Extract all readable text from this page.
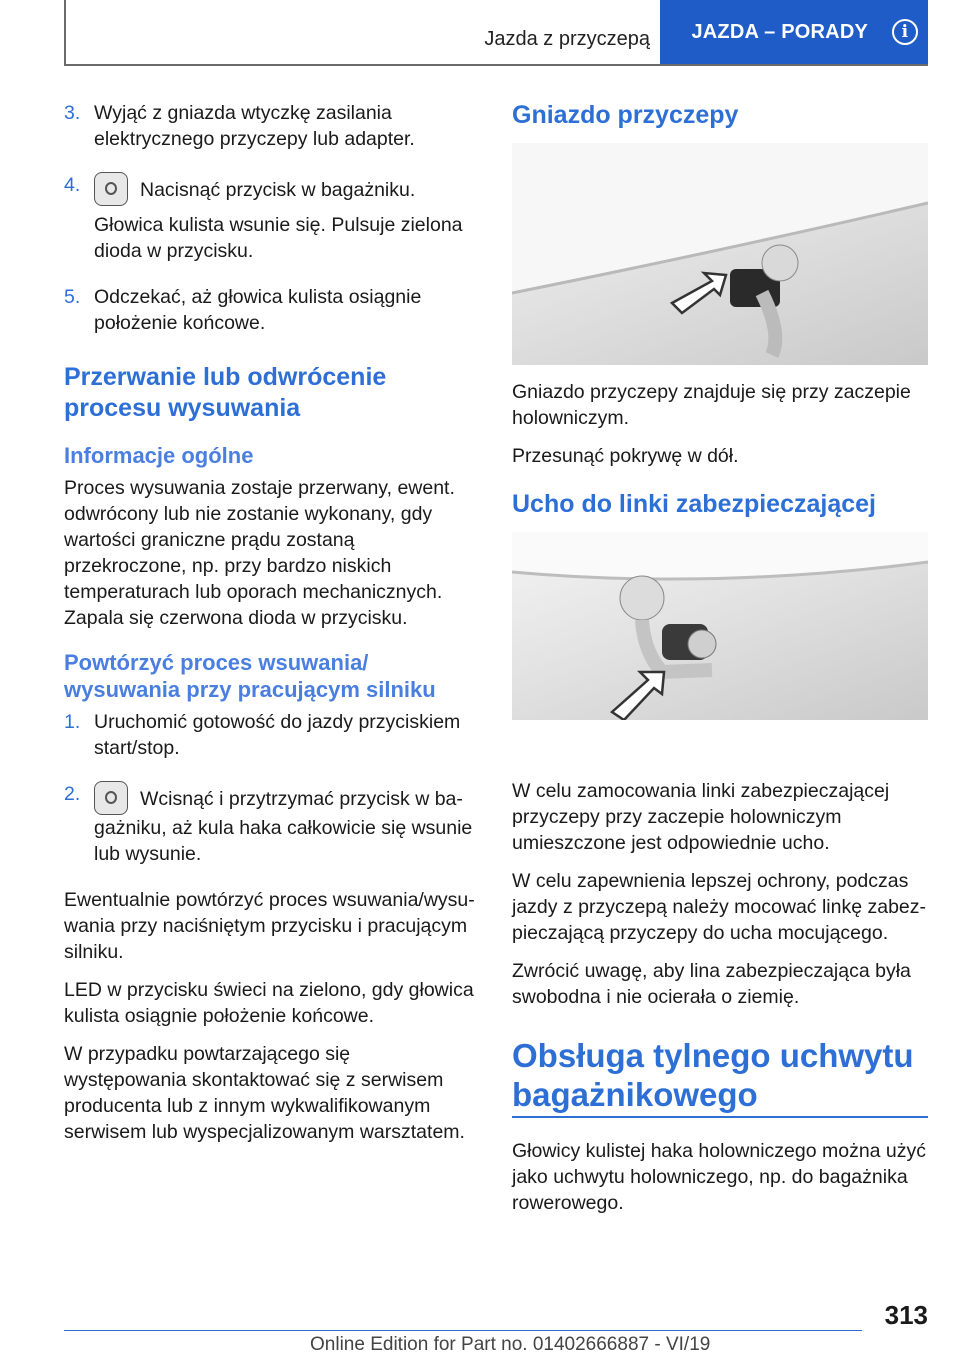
Jazda z przyczepą JAZDA – PORADY	i
3. Wyjąć z gniazda wtyczkę zasilania elektrycznego przyczepy lub adapter.

4.	Nacisnąć przycisk w bagażniku.

Głowica kulista wsunie się. Pulsuje zielona dioda w przycisku.

5. Odczekać, aż głowica kulista osiągnie położenie końcowe.

Przerwanie lub odwrócenie procesu wysuwania
Informacje ogólne

Proces wysuwania zostaje przerwany, ewent. odwrócony lub nie zostanie wykonany, gdy wartości graniczne prądu zostaną przekroczone, np. przy bardzo niskich temperaturach lub oporach mechanicznych. Zapala się czerwona dioda w przycisku.

Powtórzyć proces wsuwania/ wysuwania przy pracującym silniku
1. Uruchomić gotowość do jazdy przyciskiem start/stop.

2.	Wcisnąć i przytrzymać przycisk w bagażniku, aż kula haka całkowicie się wsunie lub wysunie.

Ewentualnie powtórzyć proces wsuwania/wysuwania przy naciśniętym przycisku i pracującym silniku.

LED w przycisku świeci na zielono, gdy głowica kulista osiągnie położenie końcowe.

W przypadku powtarzającego się występowania skontaktować się z serwisem producenta lub z innym wykwalifikowanym serwisem lub wyspecjalizowanym warsztatem.

Gniazdo przyczepy

Gniazdo przyczepy znajduje się przy zaczepie holowniczym.

Przesunąć pokrywę w dół.

Ucho do linki zabezpieczającej

W celu zamocowania linki zabezpieczającej przyczepy przy zaczepie holowniczym umieszczone jest odpowiednie ucho.

W celu zapewnienia lepszej ochrony, podczas jazdy z przyczepą należy mocować linkę zabezpieczającą przyczepy do ucha mocującego.

Zwrócić uwagę, aby lina zabezpieczająca była swobodna i nie ocierała o ziemię.

Obsługa tylnego uchwytu bagażnikowego

Głowicy kulistej haka holowniczego można użyć jako uchwytu holowniczego, np. do bagażnika rowerowego.

313
Online Edition for Part no. 01402666887 - VI/19
